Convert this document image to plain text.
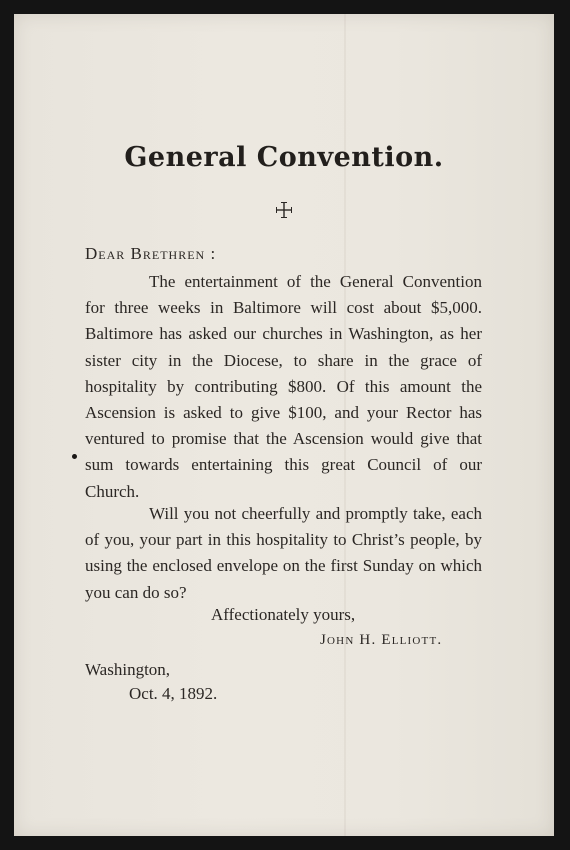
General Convention.
Dear Brethren :

The entertainment of the General Convention for three weeks in Baltimore will cost about $5,000. Baltimore has asked our churches in Washington, as her sister city in the Diocese, to share in the grace of hospitality by contributing $800. Of this amount the Ascension is asked to give $100, and your Rector has ventured to promise that the Ascension would give that sum towards entertaining this great Council of our Church.

Will you not cheerfully and promptly take, each of you, your part in this hospitality to Christ’s people, by using the enclosed envelope on the first Sunday on which you can do so?

Affectionately yours,
John H. Elliott.
Washington,
Oct. 4, 1892.
